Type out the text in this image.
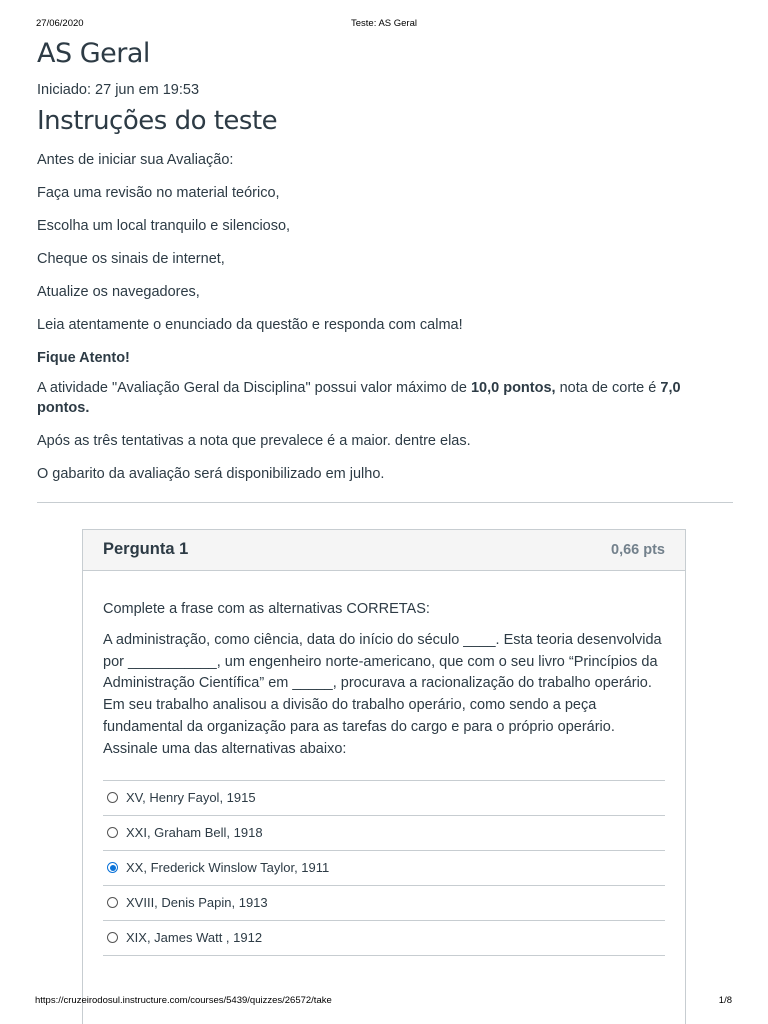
27/06/2020	Teste: AS Geral
AS Geral
Iniciado: 27 jun em 19:53
Instruções do teste

Antes de iniciar sua Avaliação:

Faça uma revisão no material teórico,

Escolha um local tranquilo e silencioso,

Cheque os sinais de internet,

Atualize os navegadores,

Leia atentamente o enunciado da questão e responda com calma!

Fique Atento!

A atividade "Avaliação Geral da Disciplina" possui valor máximo de 10,0 pontos, nota de corte é 7,0 pontos.

Após as três tentativas a nota que prevalece é a maior. dentre elas.

O gabarito da avaliação será disponibilizado em julho.

Pergunta 1	0,66 pts

Complete a frase com as alternativas CORRETAS:

A administração, como ciência, data do início do século ____. Esta teoria desenvolvida por ___________, um engenheiro norte-americano, que com o seu livro “Princípios da Administração Científica” em _____, procurava a racionalização do trabalho operário. Em seu trabalho analisou a divisão do trabalho operário, como sendo a peça fundamental da organização para as tarefas do cargo e para o próprio operário.
Assinale uma das alternativas abaixo:

XV, Henry Fayol, 1915
XXI, Graham Bell, 1918
XX, Frederick Winslow Taylor, 1911
XVIII, Denis Papin, 1913
XIX, James Watt , 1912
https://cruzeirodosul.instructure.com/courses/5439/quizzes/26572/take	1/8
